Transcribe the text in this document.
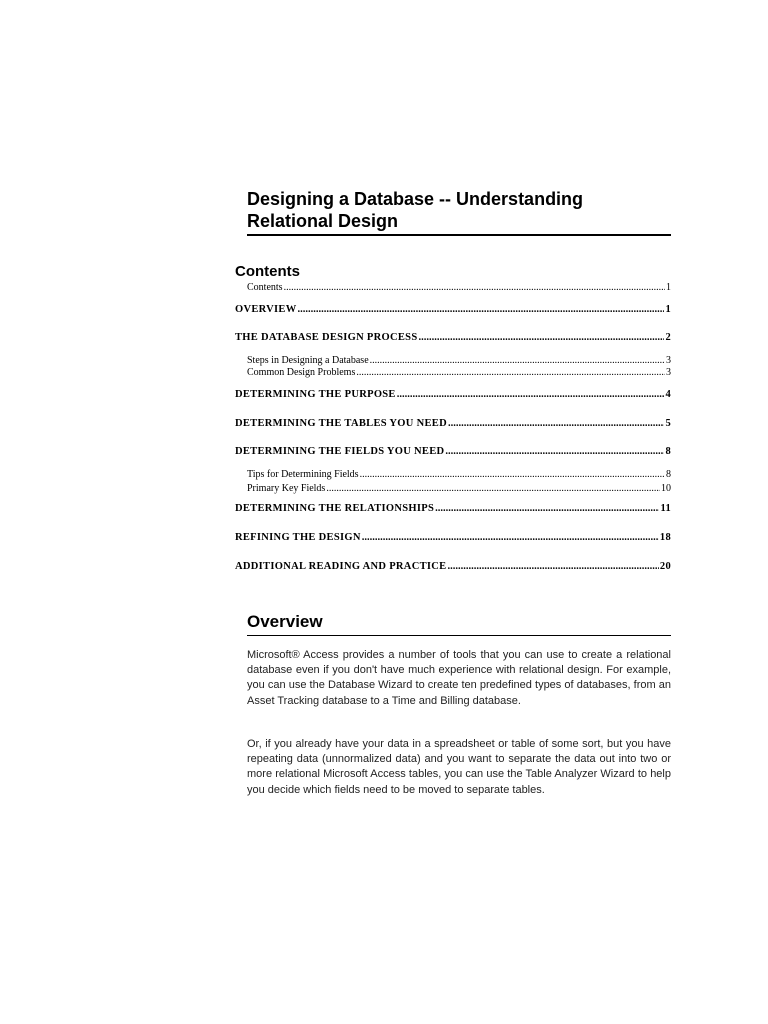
Designing a Database -- Understanding
Relational Design
Contents
Contents .....	1
OVERVIEW .....	1
THE DATABASE DESIGN PROCESS .....	2
Steps in Designing a Database .....	3
Common Design Problems .....	3
DETERMINING THE PURPOSE .....	4
DETERMINING THE TABLES YOU NEED .....	5
DETERMINING THE FIELDS YOU NEED .....	8
Tips for Determining Fields .....	8
Primary Key Fields .....	10
DETERMINING THE RELATIONSHIPS .....	11
REFINING THE DESIGN .....	18
ADDITIONAL READING AND PRACTICE .....	20
Overview

Microsoft® Access provides a number of tools that you can use to create a relational database even if you don't have much experience with relational design. For example, you can use the Database Wizard to create ten predefined types of databases, from an Asset Tracking database to a Time and Billing database.

Or, if you already have your data in a spreadsheet or table of some sort, but you have repeating data (unnormalized data) and you want to separate the data out into two or more relational Microsoft Access tables, you can use the Table Analyzer Wizard to help you decide which fields need to be moved to separate tables.
